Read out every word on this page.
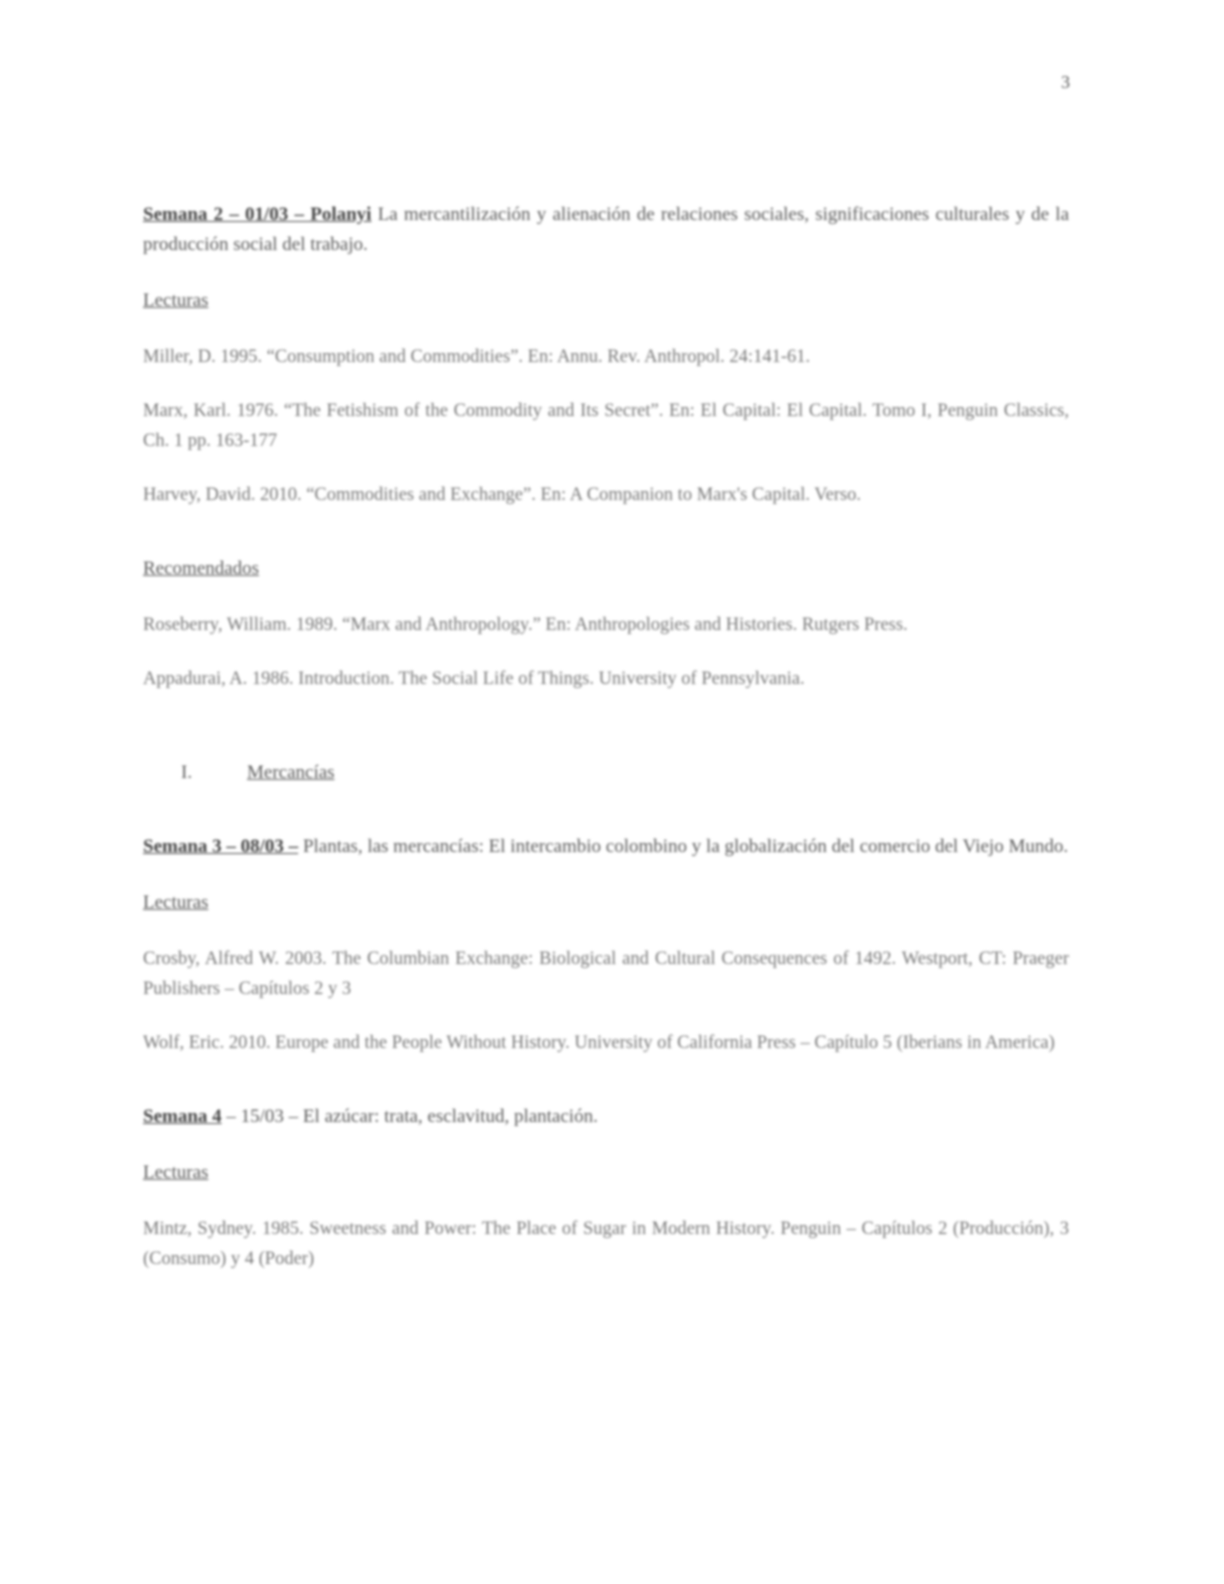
3

Semana 2 – 01/03 – Polanyi La mercantilización y alienación de relaciones sociales, significaciones culturales y de la producción social del trabajo.

Lecturas

Miller, D. 1995. “Consumption and Commodities”. En: Annu. Rev. Anthropol. 24:141-61.

Marx, Karl. 1976. “The Fetishism of the Commodity and Its Secret”. En: El Capital: El Capital. Tomo I, Penguin Classics, Ch. 1 pp. 163-177

Harvey, David. 2010. “Commodities and Exchange”. En: A Companion to Marx's Capital. Verso.

Recomendados

Roseberry, William. 1989. “Marx and Anthropology.” En: Anthropologies and Histories. Rutgers Press.

Appadurai, A. 1986. Introduction. The Social Life of Things. University of Pennsylvania.

I.	Mercancías

Semana 3 – 08/03 – Plantas, las mercancías: El intercambio colombino y la globalización del comercio del Viejo Mundo.

Lecturas

Crosby, Alfred W. 2003. The Columbian Exchange: Biological and Cultural Consequences of 1492. Westport, CT: Praeger Publishers – Capítulos 2 y 3

Wolf, Eric. 2010. Europe and the People Without History. University of California Press – Capítulo 5 (Iberians in America)

Semana 4 – 15/03 – El azúcar: trata, esclavitud, plantación.

Lecturas

Mintz, Sydney. 1985. Sweetness and Power: The Place of Sugar in Modern History. Penguin – Capítulos 2 (Producción), 3 (Consumo) y 4 (Poder)
